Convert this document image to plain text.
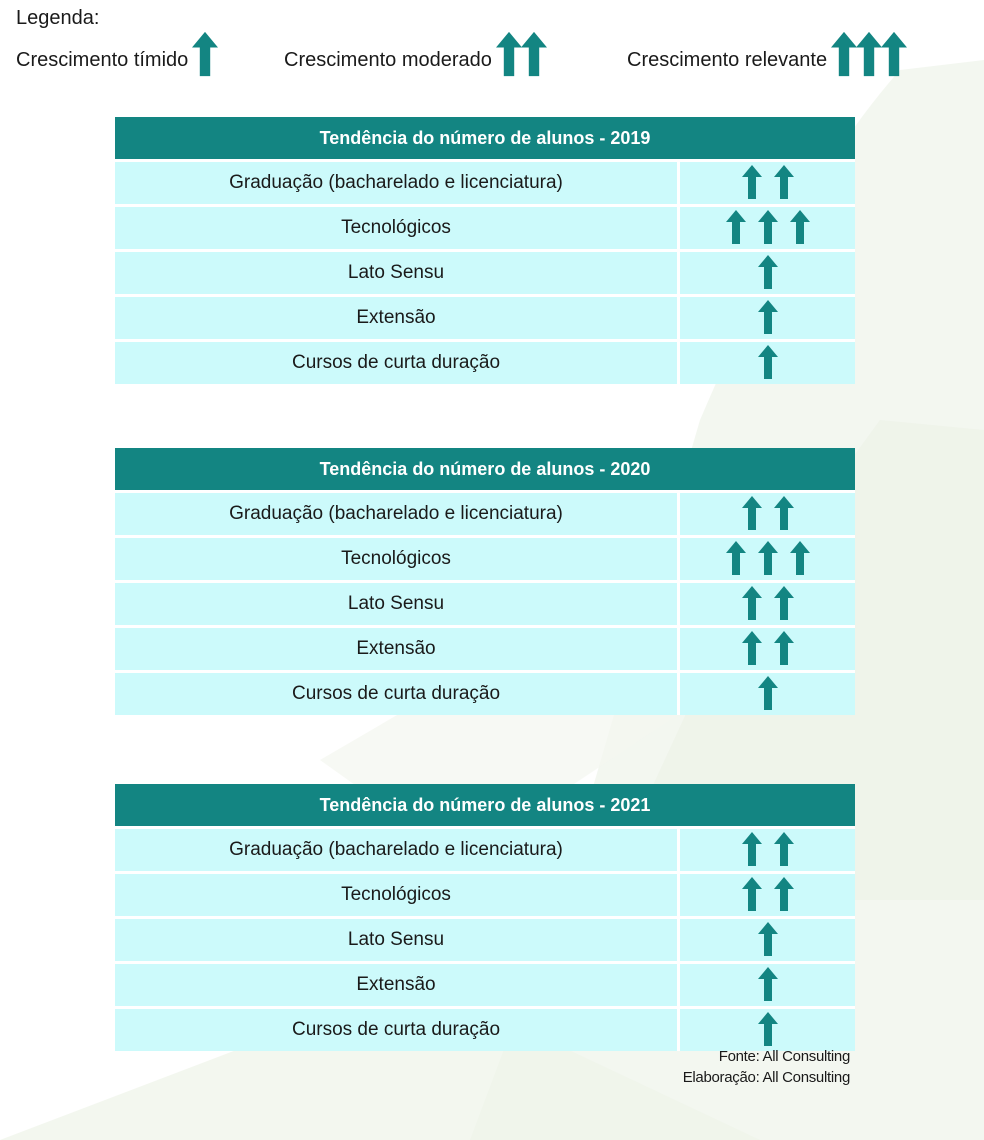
Legenda:
Crescimento tímido	Crescimento moderado	Crescimento relevante
Tendência do número de alunos - 2019	
Graduação (bacharelado e licenciatura)	

Tecnológicos	

Lato Sensu	

Extensão	

Cursos de curta duração	
Tendência do número de alunos - 2020	
Graduação (bacharelado e licenciatura)	

Tecnológicos	

Lato Sensu	

Extensão	

Cursos de curta duração	
Tendência do número de alunos - 2021	
Graduação (bacharelado e licenciatura)	

Tecnológicos	

Lato Sensu	

Extensão	

Cursos de curta duração	
Fonte: All Consulting
Elaboração: All Consulting
